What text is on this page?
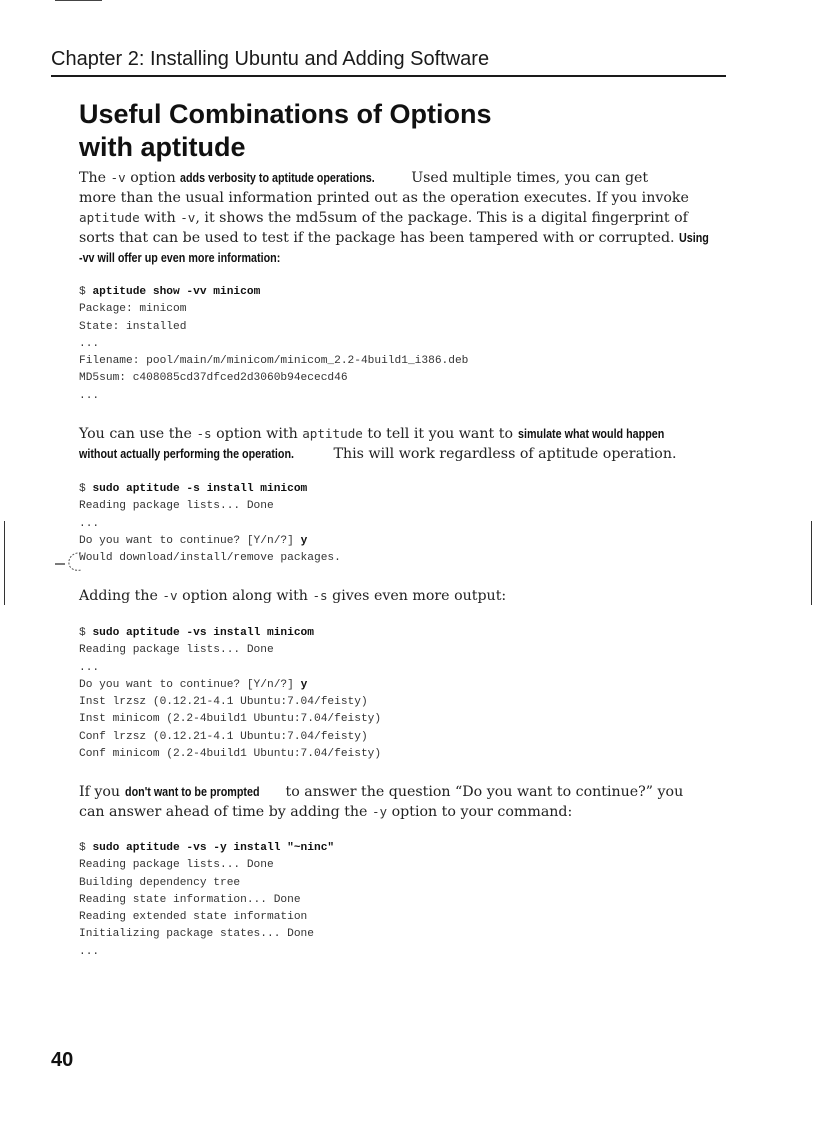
Chapter 2: Installing Ubuntu and Adding Software
Useful Combinations of Options
with aptitude
The -v option adds verbosity to aptitude operations. Used multiple times, you can get
more than the usual information printed out as the operation executes. If you invoke
aptitude with -v, it shows the md5sum of the package. This is a digital fingerprint of
sorts that can be used to test if the package has been tampered with or corrupted. Using
-vv will offer up even more information:
$ aptitude show -vv minicom
Package: minicom
State: installed
...
Filename: pool/main/m/minicom/minicom_2.2-4build1_i386.deb
MD5sum: c408085cd37dfced2d3060b94ececd46
...
You can use the -s option with aptitude to tell it you want to simulate what would happen
without actually performing the operation. This will work regardless of aptitude operation.
$ sudo aptitude -s install minicom
Reading package lists... Done
...
Do you want to continue? [Y/n/?] y
Would download/install/remove packages.
Adding the -v option along with -s gives even more output:
$ sudo aptitude -vs install minicom
Reading package lists... Done
...
Do you want to continue? [Y/n/?] y
Inst lrzsz (0.12.21-4.1 Ubuntu:7.04/feisty)
Inst minicom (2.2-4build1 Ubuntu:7.04/feisty)
Conf lrzsz (0.12.21-4.1 Ubuntu:7.04/feisty)
Conf minicom (2.2-4build1 Ubuntu:7.04/feisty)
If you don't want to be prompted to answer the question “Do you want to continue?” you
can answer ahead of time by adding the -y option to your command:
$ sudo aptitude -vs -y install "~ninc"
Reading package lists... Done
Building dependency tree
Reading state information... Done
Reading extended state information
Initializing package states... Done
...
40
